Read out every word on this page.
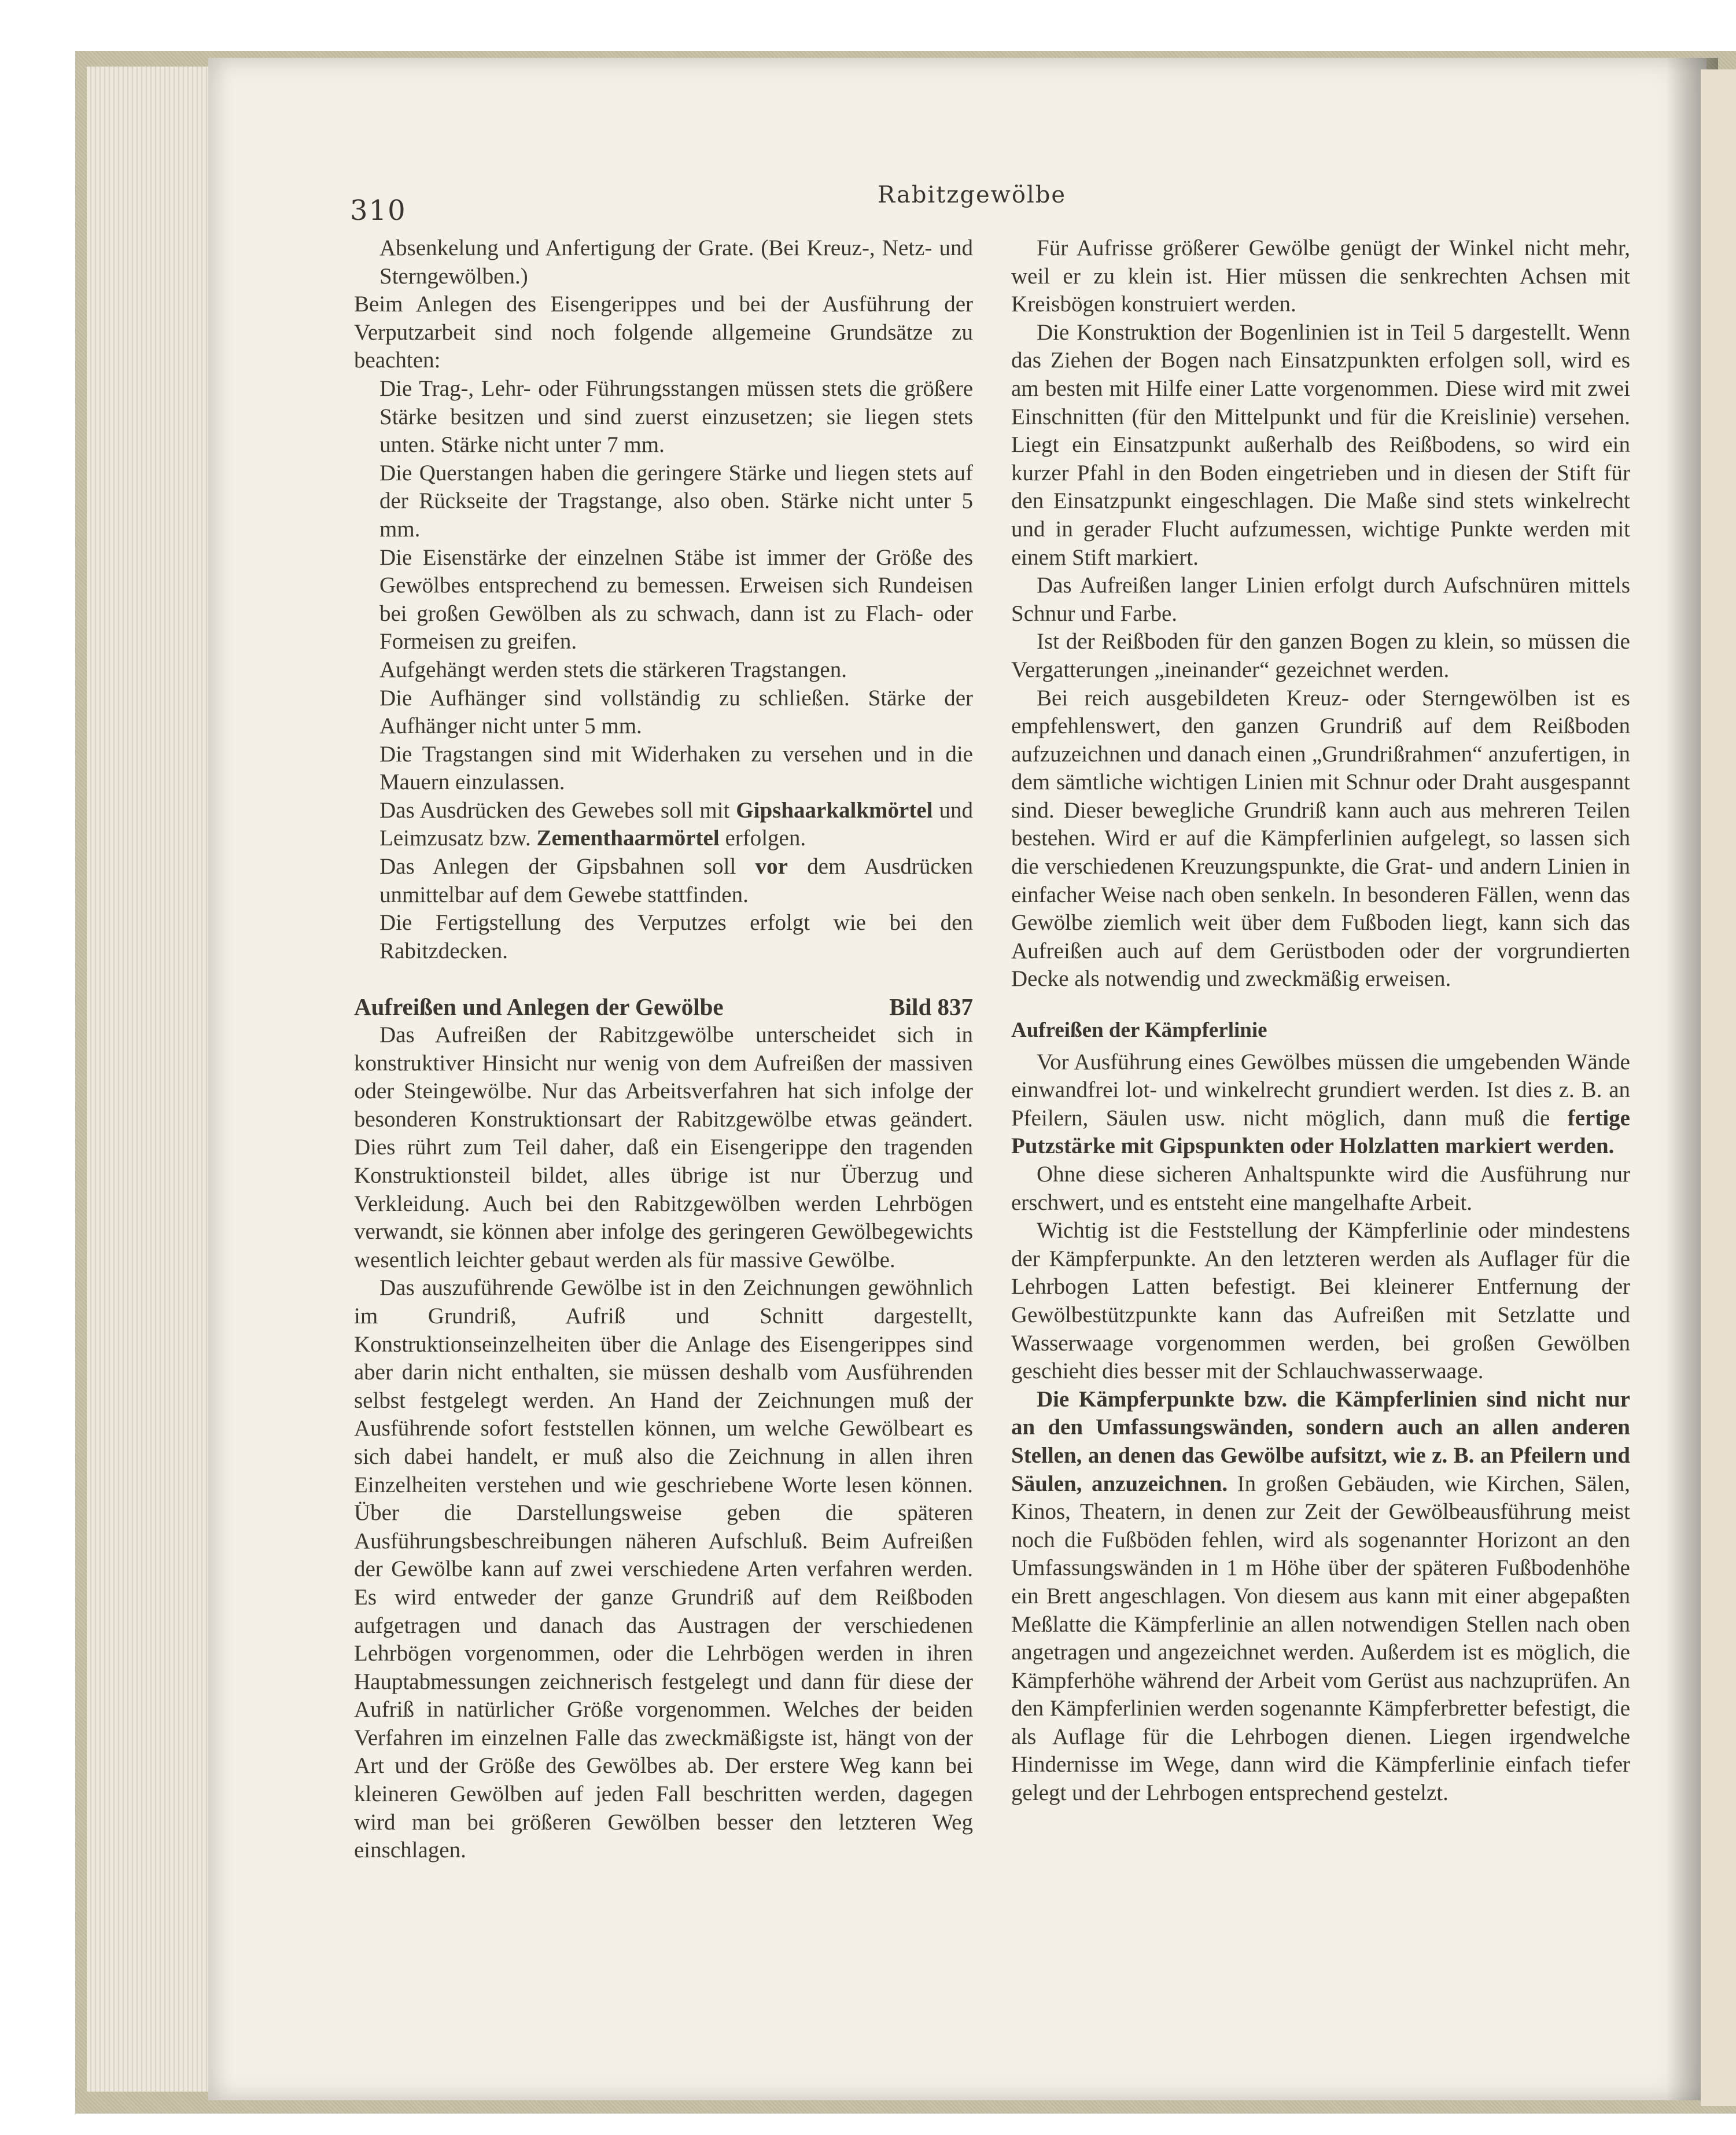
310	Rabitzgewölbe

Absenkelung und Anfertigung der Grate. (Bei Kreuz-, Netz- und Sterngewölben.)

Beim Anlegen des Eisengerippes und bei der Ausführung der Verputzarbeit sind noch folgende allgemeine Grundsätze zu beachten:

Die Trag-, Lehr- oder Führungsstangen müssen stets die größere Stärke besitzen und sind zuerst einzusetzen; sie liegen stets unten. Stärke nicht unter 7 mm.

Die Querstangen haben die geringere Stärke und liegen stets auf der Rückseite der Tragstange, also oben. Stärke nicht unter 5 mm.

Die Eisenstärke der einzelnen Stäbe ist immer der Größe des Gewölbes entsprechend zu bemessen. Erweisen sich Rundeisen bei großen Gewölben als zu schwach, dann ist zu Flach- oder Formeisen zu greifen.

Aufgehängt werden stets die stärkeren Tragstangen.

Die Aufhänger sind vollständig zu schließen. Stärke der Aufhänger nicht unter 5 mm.

Die Tragstangen sind mit Widerhaken zu versehen und in die Mauern einzulassen.

Das Ausdrücken des Gewebes soll mit Gipshaarkalkmörtel und Leimzusatz bzw. Zementhaarmörtel erfolgen.

Das Anlegen der Gipsbahnen soll vor dem Ausdrücken unmittelbar auf dem Gewebe stattfinden.

Die Fertigstellung des Verputzes erfolgt wie bei den Rabitzdecken.

Aufreißen und Anlegen der Gewölbe	Bild 837

Das Aufreißen der Rabitzgewölbe unterscheidet sich in konstruktiver Hinsicht nur wenig von dem Aufreißen der massiven oder Steingewölbe. Nur das Arbeitsverfahren hat sich infolge der besonderen Konstruktionsart der Rabitzgewölbe etwas geändert. Dies rührt zum Teil daher, daß ein Eisengerippe den tragenden Konstruktionsteil bildet, alles übrige ist nur Überzug und Verkleidung. Auch bei den Rabitzgewölben werden Lehrbögen verwandt, sie können aber infolge des geringeren Gewölbegewichts wesentlich leichter gebaut werden als für massive Gewölbe.

Das auszuführende Gewölbe ist in den Zeichnungen gewöhnlich im Grundriß, Aufriß und Schnitt dargestellt, Konstruktionseinzelheiten über die Anlage des Eisengerippes sind aber darin nicht enthalten, sie müssen deshalb vom Ausführenden selbst festgelegt werden. An Hand der Zeichnungen muß der Ausführende sofort feststellen können, um welche Gewölbeart es sich dabei handelt, er muß also die Zeichnung in allen ihren Einzelheiten verstehen und wie geschriebene Worte lesen können. Über die Darstellungsweise geben die späteren Ausführungsbeschreibungen näheren Aufschluß. Beim Aufreißen der Gewölbe kann auf zwei verschiedene Arten verfahren werden. Es wird entweder der ganze Grundriß auf dem Reißboden aufgetragen und danach das Austragen der verschiedenen Lehrbögen vorgenommen, oder die Lehrbögen werden in ihren Hauptabmessungen zeichnerisch festgelegt und dann für diese der Aufriß in natürlicher Größe vorgenommen. Welches der beiden Verfahren im einzelnen Falle das zweckmäßigste ist, hängt von der Art und der Größe des Gewölbes ab. Der erstere Weg kann bei kleineren Gewölben auf jeden Fall beschritten werden, dagegen wird man bei größeren Gewölben besser den letzteren Weg einschlagen.

Für Aufrisse größerer Gewölbe genügt der Winkel nicht mehr, weil er zu klein ist. Hier müssen die senkrechten Achsen mit Kreisbögen konstruiert werden.

Die Konstruktion der Bogenlinien ist in Teil 5 dargestellt. Wenn das Ziehen der Bogen nach Einsatzpunkten erfolgen soll, wird es am besten mit Hilfe einer Latte vorgenommen. Diese wird mit zwei Einschnitten (für den Mittelpunkt und für die Kreislinie) versehen. Liegt ein Einsatzpunkt außerhalb des Reißbodens, so wird ein kurzer Pfahl in den Boden eingetrieben und in diesen der Stift für den Einsatzpunkt eingeschlagen. Die Maße sind stets winkelrecht und in gerader Flucht aufzumessen, wichtige Punkte werden mit einem Stift markiert.

Das Aufreißen langer Linien erfolgt durch Aufschnüren mittels Schnur und Farbe.

Ist der Reißboden für den ganzen Bogen zu klein, so müssen die Vergatterungen „ineinander“ gezeichnet werden.

Bei reich ausgebildeten Kreuz- oder Sterngewölben ist es empfehlenswert, den ganzen Grundriß auf dem Reißboden aufzuzeichnen und danach einen „Grundrißrahmen“ anzufertigen, in dem sämtliche wichtigen Linien mit Schnur oder Draht ausgespannt sind. Dieser bewegliche Grundriß kann auch aus mehreren Teilen bestehen. Wird er auf die Kämpferlinien aufgelegt, so lassen sich die verschiedenen Kreuzungspunkte, die Grat- und andern Linien in einfacher Weise nach oben senkeln. In besonderen Fällen, wenn das Gewölbe ziemlich weit über dem Fußboden liegt, kann sich das Aufreißen auch auf dem Gerüstboden oder der vorgrundierten Decke als notwendig und zweckmäßig erweisen.

Aufreißen der Kämpferlinie

Vor Ausführung eines Gewölbes müssen die umgebenden Wände einwandfrei lot- und winkelrecht grundiert werden. Ist dies z. B. an Pfeilern, Säulen usw. nicht möglich, dann muß die fertige Putzstärke mit Gipspunkten oder Holzlatten markiert werden.

Ohne diese sicheren Anhaltspunkte wird die Ausführung nur erschwert, und es entsteht eine mangelhafte Arbeit.

Wichtig ist die Feststellung der Kämpferlinie oder mindestens der Kämpferpunkte. An den letzteren werden als Auflager für die Lehrbogen Latten befestigt. Bei kleinerer Entfernung der Gewölbestützpunkte kann das Aufreißen mit Setzlatte und Wasserwaage vorgenommen werden, bei großen Gewölben geschieht dies besser mit der Schlauchwasserwaage.

Die Kämpferpunkte bzw. die Kämpferlinien sind nicht nur an den Umfassungswänden, sondern auch an allen anderen Stellen, an denen das Gewölbe aufsitzt, wie z. B. an Pfeilern und Säulen, anzuzeichnen. In großen Gebäuden, wie Kirchen, Sälen, Kinos, Theatern, in denen zur Zeit der Gewölbeausführung meist noch die Fußböden fehlen, wird als sogenannter Horizont an den Umfassungswänden in 1 m Höhe über der späteren Fußbodenhöhe ein Brett angeschlagen. Von diesem aus kann mit einer abgepaßten Meßlatte die Kämpferlinie an allen notwendigen Stellen nach oben angetragen und angezeichnet werden. Außerdem ist es möglich, die Kämpferhöhe während der Arbeit vom Gerüst aus nachzuprüfen. An den Kämpferlinien werden sogenannte Kämpferbretter befestigt, die als Auflage für die Lehrbogen dienen. Liegen irgendwelche Hindernisse im Wege, dann wird die Kämpferlinie einfach tiefer gelegt und der Lehrbogen entsprechend gestelzt.
